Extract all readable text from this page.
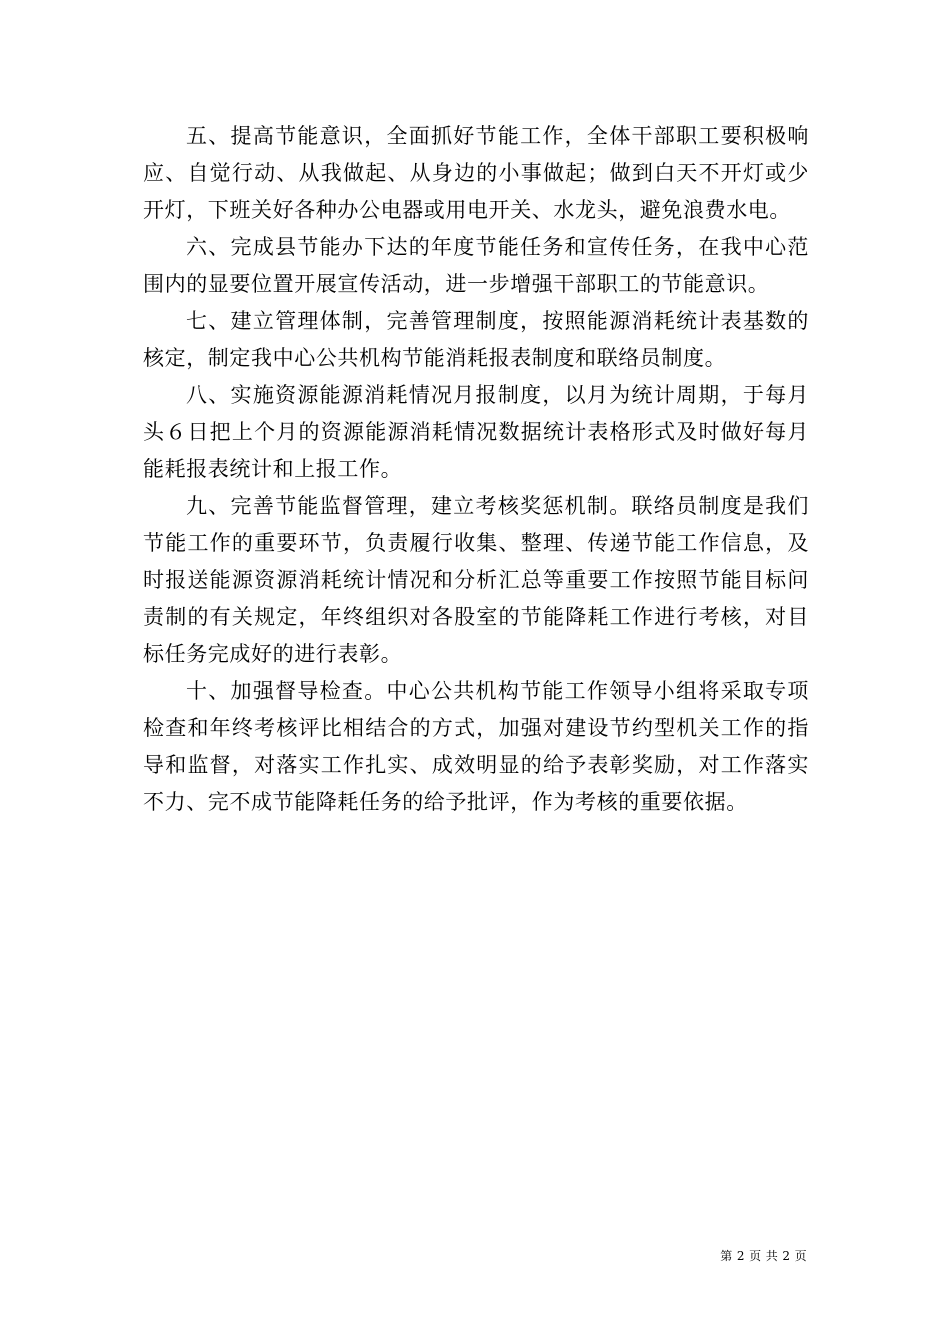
五、提高节能意识，全面抓好节能工作，全体干部职工要积极响应、自觉行动、从我做起、从身边的小事做起；做到白天不开灯或少开灯，下班关好各种办公电器或用电开关、水龙头，避免浪费水电。

六、完成县节能办下达的年度节能任务和宣传任务，在我中心范围内的显要位置开展宣传活动，进一步增强干部职工的节能意识。

七、建立管理体制，完善管理制度，按照能源消耗统计表基数的核定，制定我中心公共机构节能消耗报表制度和联络员制度。

八、实施资源能源消耗情况月报制度，以月为统计周期，于每月头６日把上个月的资源能源消耗情况数据统计表格形式及时做好每月能耗报表统计和上报工作。

九、完善节能监督管理，建立考核奖惩机制。联络员制度是我们节能工作的重要环节，负责履行收集、整理、传递节能工作信息，及时报送能源资源消耗统计情况和分析汇总等重要工作按照节能目标问责制的有关规定，年终组织对各股室的节能降耗工作进行考核，对目标任务完成好的进行表彰。

十、加强督导检查。中心公共机构节能工作领导小组将采取专项检查和年终考核评比相结合的方式，加强对建设节约型机关工作的指导和监督，对落实工作扎实、成效明显的给予表彰奖励，对工作落实不力、完不成节能降耗任务的给予批评，作为考核的重要依据。

第 2 页 共 2 页
